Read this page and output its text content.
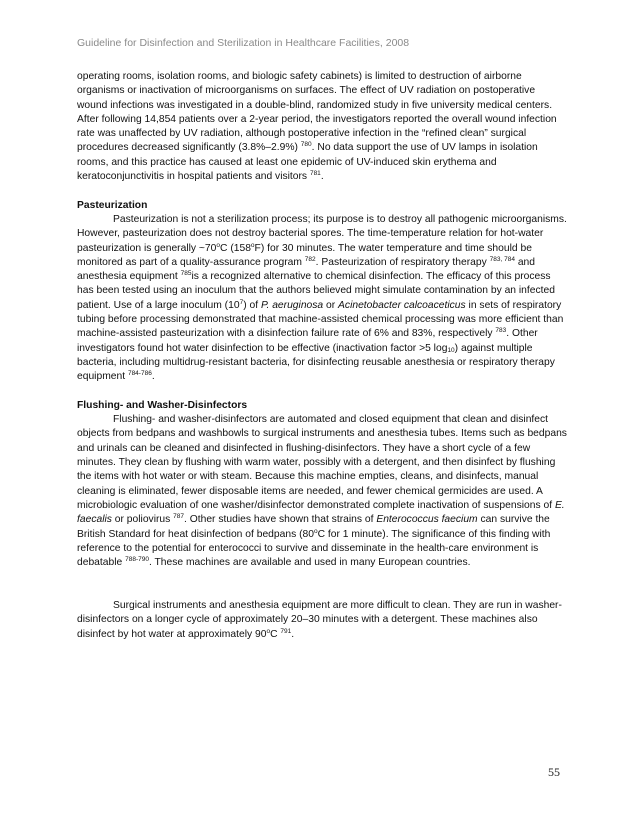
Guideline for Disinfection and Sterilization in Healthcare Facilities, 2008

operating rooms, isolation rooms, and biologic safety cabinets) is limited to destruction of airborne organisms or inactivation of microorganisms on surfaces. The effect of UV radiation on postoperative wound infections was investigated in a double-blind, randomized study in five university medical centers. After following 14,854 patients over a 2-year period, the investigators reported the overall wound infection rate was unaffected by UV radiation, although postoperative infection in the “refined clean” surgical procedures decreased significantly (3.8%–2.9%) $^{780}$. No data support the use of UV lamps in isolation rooms, and this practice has caused at least one epidemic of UV-induced skin erythema and keratoconjunctivitis in hospital patients and visitors $^{781}$.

Pasteurization

Pasteurization is not a sterilization process; its purpose is to destroy all pathogenic microorganisms. However, pasteurization does not destroy bacterial spores. The time-temperature relation for hot-water pasteurization is generally ~70$^o$C (158$^o$F) for 30 minutes. The water temperature and time should be monitored as part of a quality-assurance program $^{782}$. Pasteurization of respiratory therapy $^{783, 784}$ and anesthesia equipment $^{785}$is a recognized alternative to chemical disinfection. The efficacy of this process has been tested using an inoculum that the authors believed might simulate contamination by an infected patient. Use of a large inoculum $(10^7)$ of P. aeruginosa or Acinetobacter calcoaceticus in sets of respiratory tubing before processing demonstrated that machine-assisted chemical processing was more efficient than machine-assisted pasteurization with a disinfection failure rate of 6% and 83%, respectively $^{783}$. Other investigators found hot water disinfection to be effective (inactivation factor >5 $\log_{10}$) against multiple bacteria, including multidrug-resistant bacteria, for disinfecting reusable anesthesia or respiratory therapy equipment $^{784-786}$.

Flushing- and Washer-Disinfectors

Flushing- and washer-disinfectors are automated and closed equipment that clean and disinfect objects from bedpans and washbowls to surgical instruments and anesthesia tubes. Items such as bedpans and urinals can be cleaned and disinfected in flushing-disinfectors. They have a short cycle of a few minutes. They clean by flushing with warm water, possibly with a detergent, and then disinfect by flushing the items with hot water or with steam. Because this machine empties, cleans, and disinfects, manual cleaning is eliminated, fewer disposable items are needed, and fewer chemical germicides are used. A microbiologic evaluation of one washer/disinfector demonstrated complete inactivation of suspensions of E. faecalis or poliovirus $^{787}$. Other studies have shown that strains of Enterococcus faecium can survive the British Standard for heat disinfection of bedpans (80$^o$C for 1 minute). The significance of this finding with reference to the potential for enterococci to survive and disseminate in the health-care environment is debatable $^{788-790}$. These machines are available and used in many European countries.

Surgical instruments and anesthesia equipment are more difficult to clean. They are run in washer-disinfectors on a longer cycle of approximately 20–30 minutes with a detergent. These machines also disinfect by hot water at approximately 90$^o$C $^{791}$.

55
